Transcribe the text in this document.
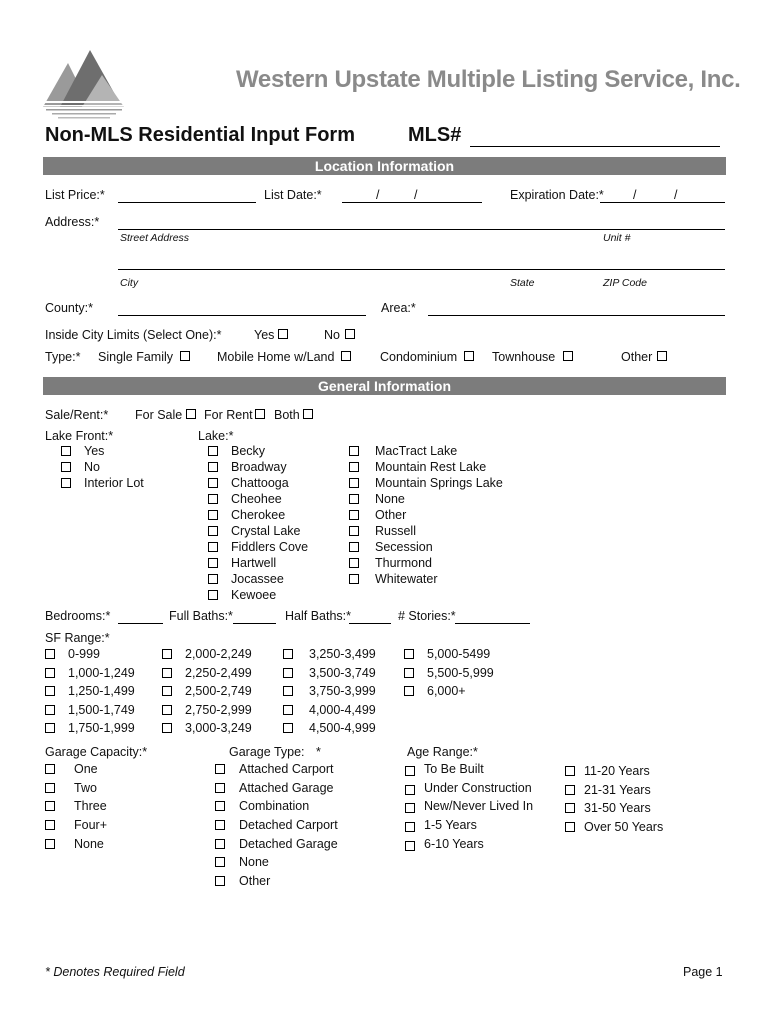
Western Upstate Multiple Listing Service, Inc.
Non-MLS Residential Input Form	MLS#
Location Information
List Price:*	List Date:*	/	/	Expiration Date:* /	/
Address:*
Street Address	Unit #
City	State	ZIP Code
County:*	Area:*
Inside City Limits (Select One):*	Yes	No
Type:* Single Family	Mobile Home w/Land	Condominium	Townhouse	Other
General Information
Sale/Rent:* For Sale For Rent Both
Lake Front:*
Yes
No
Interior Lot
Lake:*
Becky
Broadway
Chattooga
Cheohee
Cherokee
Crystal Lake
Fiddlers Cove
Hartwell
Jocassee
Kewoee
MacTract Lake
Mountain Rest Lake
Mountain Springs Lake
None
Other
Russell
Secession
Thurmond
Whitewater
Bedrooms:*	Full Baths:*	Half Baths:*	# Stories:*
SF Range:*
0-999
1,000-1,249
1,250-1,499
1,500-1,749
1,750-1,999
2,000-2,249
2,250-2,499
2,500-2,749
2,750-2,999
3,000-3,249
3,250-3,499
3,500-3,749
3,750-3,999
4,000-4,499
4,500-4,999
5,000-5499
5,500-5,999
6,000+
Garage Capacity:*
One
Two
Three
Four+
None
Garage Type: *
Attached Carport
Attached Garage
Combination
Detached Carport
Detached Garage
None
Other
Age Range:*
To Be Built
Under Construction
New/Never Lived In
1-5 Years
6-10 Years
11-20 Years
21-31 Years
31-50 Years
Over 50 Years
* Denotes Required Field	Page 1
